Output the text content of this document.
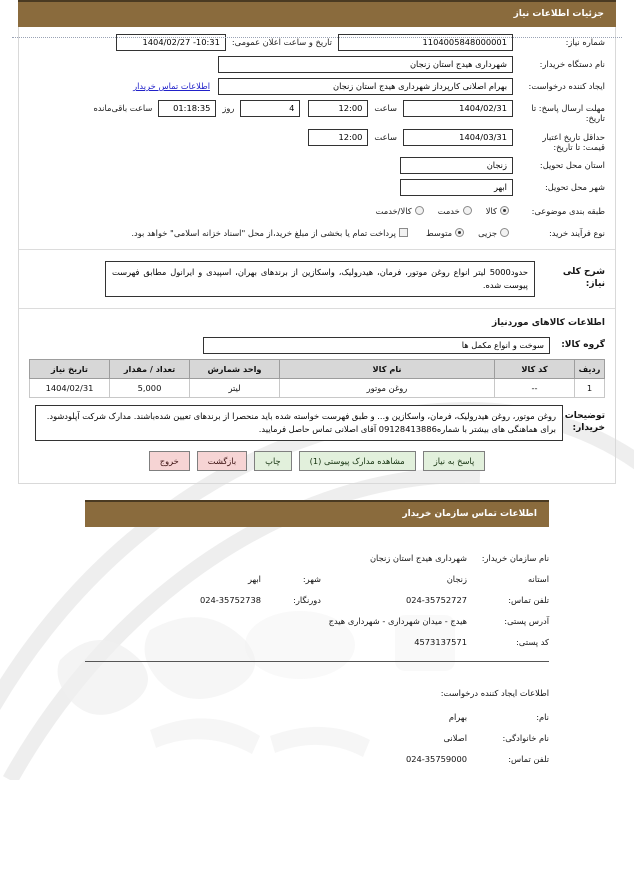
جزئیات اطلاعات نیاز
شماره نیاز:
1104005848000001
تاریخ و ساعت اعلان عمومی:
1404/02/27 -10:31
نام دستگاه خریدار:
شهرداری هیدج استان زنجان
ایجاد کننده درخواست:
بهرام اصلانی کارپرداز شهرداری هیدج استان زنجان
اطلاعات تماس خریدار
مهلت ارسال پاسخ: تا تاریخ:
1404/02/31
ساعت
12:00
4
روز
01:18:35
ساعت باقی‌مانده
حداقل تاریخ اعتبار قیمت: تا تاریخ:
1404/03/31
ساعت
12:00
استان محل تحویل:
زنجان
شهر محل تحویل:
ابهر
طبقه بندی موضوعی:
کالا
خدمت
کالا/خدمت
نوع فرآیند خرید:
جزیی
متوسط
پرداخت تمام یا بخشی از مبلغ خرید،از محل "اسناد خزانه اسلامی" خواهد بود.
شرح کلی نیاز:
حدود5000 لیتر انواع روغن موتور، فرمان، هیدرولیک، واسکازین از برندهای بهران، اسپیدی و ایرانول مطابق فهرست پیوست شده.
اطلاعات کالاهای موردنیاز
گروه کالا:
سوخت و انواع مکمل ها
ردیف	کد کالا	نام کالا	واحد شمارش	تعداد / مقدار	تاریخ نیاز
1	--	روغن موتور	لیتر	5,000	1404/02/31
توضیحات خریدار:
روغن موتور، روغن هیدرولیک، فرمان، واسکازین و... و طبق فهرست خواسته شده باید منحصرا از برندهای تعیین شده‌باشند. مدارک شرکت آپلودشود.
برای هماهنگی های بیشتر با شماره09128413886 آقای اصلانی تماس حاصل فرمایید.
پاسخ به نیاز
مشاهده مدارک پیوستی (1)
چاپ
بازگشت
خروج
اطلاعات تماس سازمان خریدار
نام سازمان خریدار:
شهرداری هیدج استان زنجان
استانه
زنجان
شهر:
ابهر
تلفن تماس:
024-35752727
دورنگار:
024-35752738
آدرس پستی:
هیدج - میدان شهرداری - شهرداری هیدج
کد پستی:
4573137571
اطلاعات ایجاد کننده درخواست:
نام:
بهرام
نام خانوادگی:
اصلانی
تلفن تماس:
024-35759000
